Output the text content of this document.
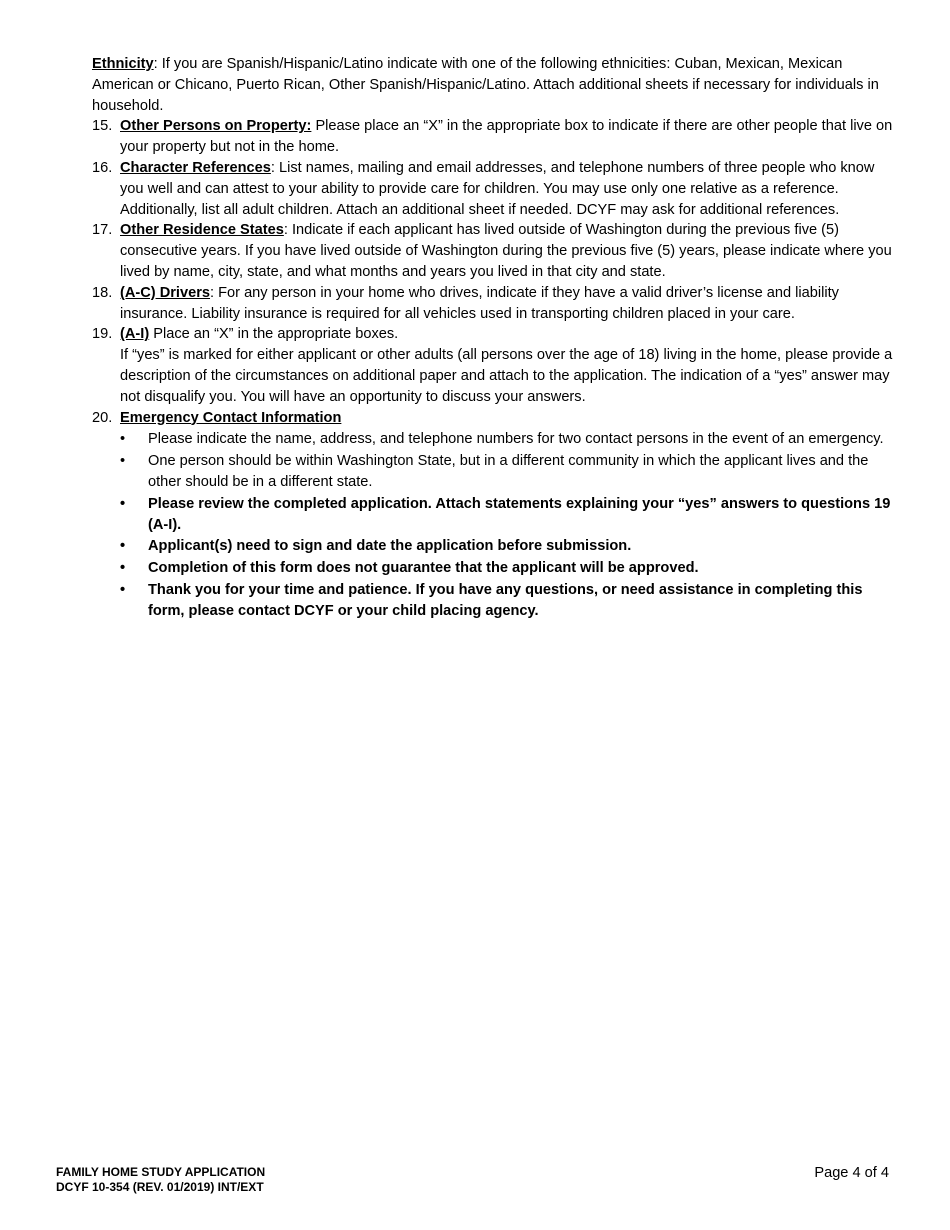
Ethnicity: If you are Spanish/Hispanic/Latino indicate with one of the following ethnicities: Cuban, Mexican, Mexican American or Chicano, Puerto Rican, Other Spanish/Hispanic/Latino. Attach additional sheets if necessary for individuals in household.

15. Other Persons on Property: Please place an “X” in the appropriate box to indicate if there are other people that live on your property but not in the home.
16. Character References: List names, mailing and email addresses, and telephone numbers of three people who know you well and can attest to your ability to provide care for children. You may use only one relative as a reference. Additionally, list all adult children. Attach an additional sheet if needed. DCYF may ask for additional references.
17. Other Residence States: Indicate if each applicant has lived outside of Washington during the previous five (5) consecutive years. If you have lived outside of Washington during the previous five (5) years, please indicate where you lived by name, city, state, and what months and years you lived in that city and state.
18. (A-C) Drivers: For any person in your home who drives, indicate if they have a valid driver’s license and liability insurance. Liability insurance is required for all vehicles used in transporting children placed in your care.
19. (A-I) Place an “X” in the appropriate boxes.
If “yes” is marked for either applicant or other adults (all persons over the age of 18) living in the home, please provide a description of the circumstances on additional paper and attach to the application. The indication of a “yes” answer may not disqualify you. You will have an opportunity to discuss your answers.
20. Emergency Contact Information
• Please indicate the name, address, and telephone numbers for two contact persons in the event of an emergency.
• One person should be within Washington State, but in a different community in which the applicant lives and the other should be in a different state.
• Please review the completed application. Attach statements explaining your “yes” answers to questions 19 (A-I).
• Applicant(s) need to sign and date the application before submission.
• Completion of this form does not guarantee that the applicant will be approved.
• Thank you for your time and patience. If you have any questions, or need assistance in completing this form, please contact DCYF or your child placing agency.
FAMILY HOME STUDY APPLICATION
DCYF 10-354 (REV. 01/2019) INT/EXT
Page 4 of 4
